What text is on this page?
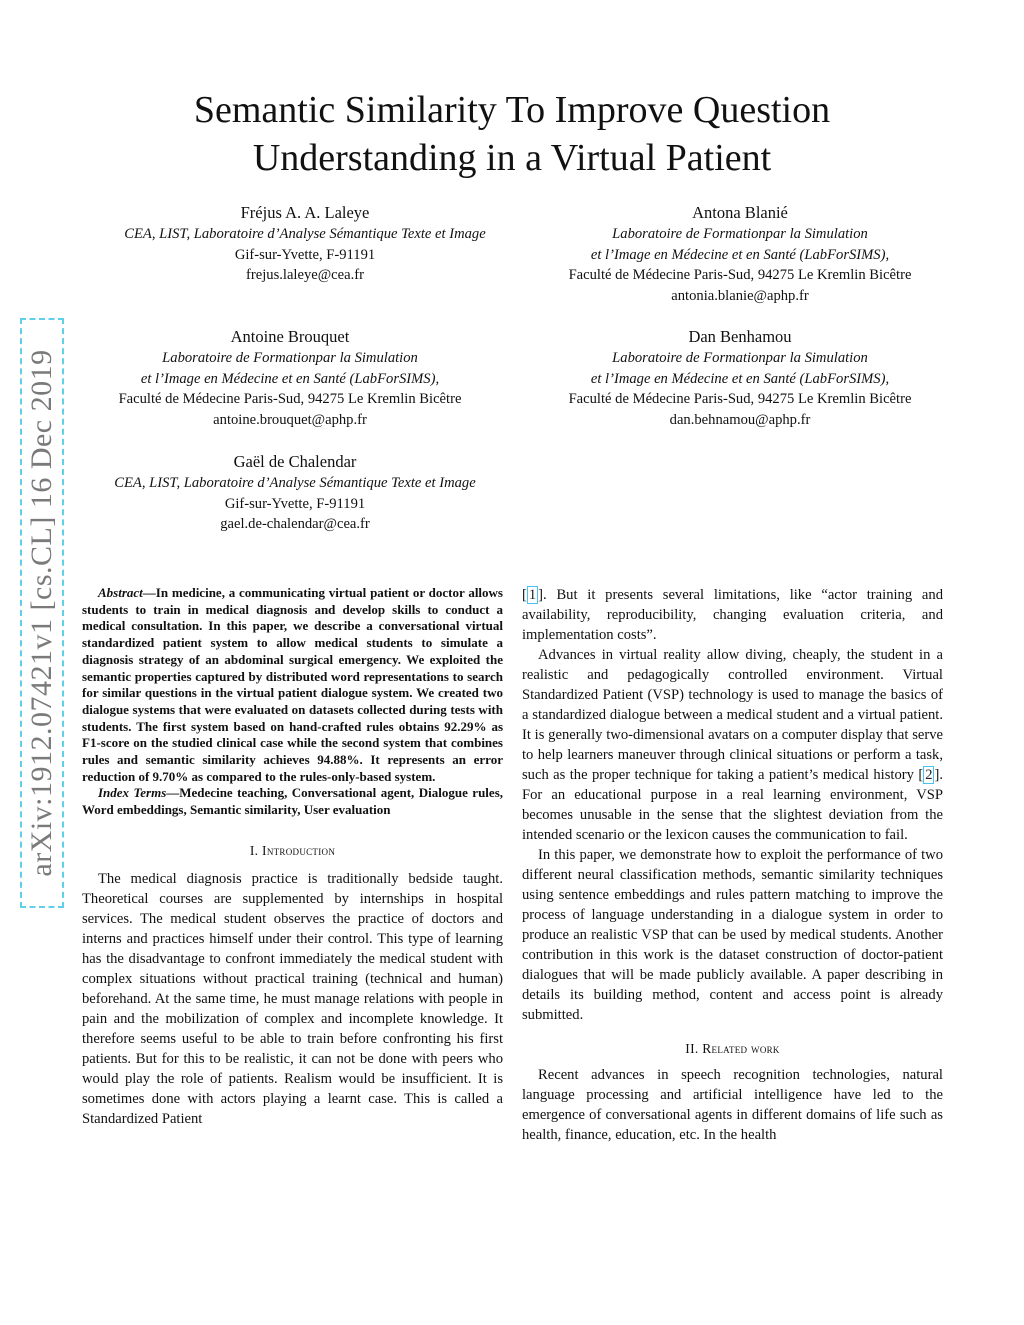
Semantic Similarity To Improve Question
Understanding in a Virtual Patient
Fréjus A. A. Laleye
CEA, LIST, Laboratoire d’Analyse Sémantique Texte et Image
Gif-sur-Yvette, F-91191
frejus.laleye@cea.fr
Antona Blanié
Laboratoire de Formationpar la Simulation
et l’Image en Médecine et en Santé (LabForSIMS),
Faculté de Médecine Paris-Sud, 94275 Le Kremlin Bicêtre
antonia.blanie@aphp.fr
Antoine Brouquet
Laboratoire de Formationpar la Simulation
et l’Image en Médecine et en Santé (LabForSIMS),
Faculté de Médecine Paris-Sud, 94275 Le Kremlin Bicêtre
antoine.brouquet@aphp.fr
Dan Benhamou
Laboratoire de Formationpar la Simulation
et l’Image en Médecine et en Santé (LabForSIMS),
Faculté de Médecine Paris-Sud, 94275 Le Kremlin Bicêtre
dan.behnamou@aphp.fr
Gaël de Chalendar
CEA, LIST, Laboratoire d’Analyse Sémantique Texte et Image
Gif-sur-Yvette, F-91191
gael.de-chalendar@cea.fr
arXiv:1912.07421v1 [cs.CL] 16 Dec 2019	Abstract—In medicine, a communicating virtual patient or doctor allows students to train in medical diagnosis and develop skills to conduct a medical consultation. In this paper, we describe a conversational virtual standardized patient system to allow medical students to simulate a diagnosis strategy of an abdominal surgical emergency. We exploited the semantic properties captured by distributed word representations to search for similar questions in the virtual patient dialogue system. We created two dialogue systems that were evaluated on datasets collected during tests with students. The first system based on hand-crafted rules obtains 92.29% as F1-score on the studied clinical case while the second system that combines rules and semantic similarity achieves 94.88%. It represents an error reduction of 9.70% as compared to the rules-only-based system.

Index Terms—Medecine teaching, Conversational agent, Dialogue rules, Word embeddings, Semantic similarity, User evaluation

I. Introduction

The medical diagnosis practice is traditionally bedside taught. Theoretical courses are supplemented by internships in hospital services. The medical student observes the practice of doctors and interns and practices himself under their control. This type of learning has the disadvantage to confront immediately the medical student with complex situations without practical training (technical and human) beforehand. At the same time, he must manage relations with people in pain and the mobilization of complex and incomplete knowledge. It therefore seems useful to be able to train before confronting his first patients. But for this to be realistic, it can not be done with peers who would play the role of patients. Realism would be insufficient. It is sometimes done with actors playing a learnt case. This is called a Standardized Patient

[ 1 ]. But it presents several limitations, like “actor training and availability, reproducibility, changing evaluation criteria, and implementation costs”.

Advances in virtual reality allow diving, cheaply, the student in a realistic and pedagogically controlled environment. Virtual Standardized Patient (VSP) technology is used to manage the basics of a standardized dialogue between a medical student and a virtual patient. It is generally two-dimensional avatars on a computer display that serve to help learners maneuver through clinical situations or perform a task, such as the proper technique for taking a patient’s medical history [ 2 ]. For an educational purpose in a real learning environment, VSP becomes unusable in the sense that the slightest deviation from the intended scenario or the lexicon causes the communication to fail.

In this paper, we demonstrate how to exploit the performance of two different neural classification methods, semantic similarity techniques using sentence embeddings and rules pattern matching to improve the process of language understanding in a dialogue system in order to produce an realistic VSP that can be used by medical students. Another contribution in this work is the dataset construction of doctor-patient dialogues that will be made publicly available. A paper describing in details its building method, content and access point is already submitted.

II. Related work

Recent advances in speech recognition technologies, natural language processing and artificial intelligence have led to the emergence of conversational agents in different domains of life such as health, finance, education, etc. In the health
